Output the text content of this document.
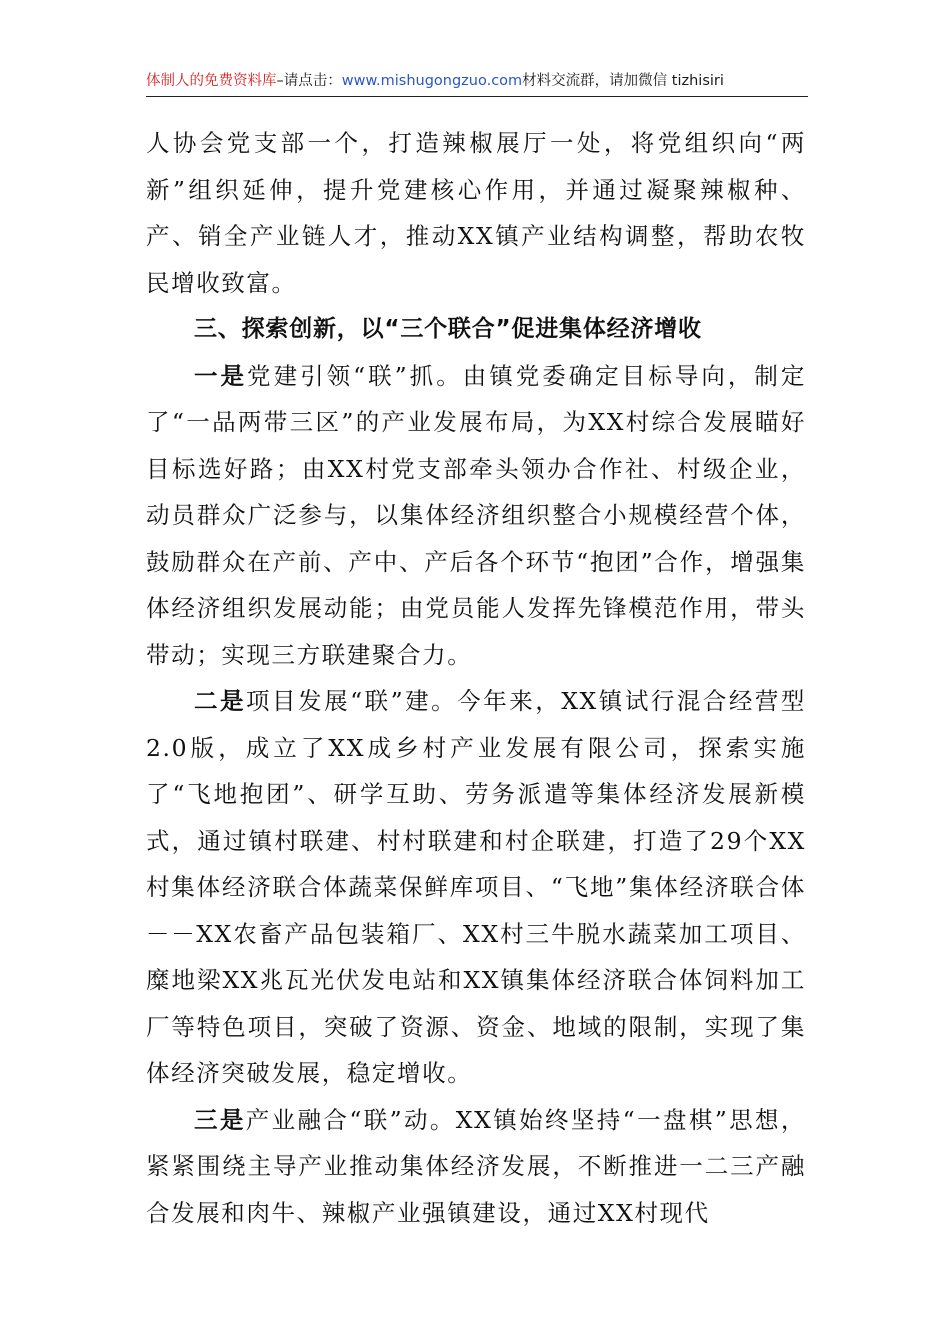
体制人的免费资料库–请点击：www.mishugongzuo.com材料交流群，请加微信 tizhisiri

人协会党支部一个，打造辣椒展厅一处，将党组织向“两新”组织延伸，提升党建核心作用，并通过凝聚辣椒种、产、销全产业链人才，推动XX镇产业结构调整，帮助农牧民增收致富。

三、探索创新，以“三个联合”促进集体经济增收

一是党建引领“联”抓。由镇党委确定目标导向，制定了“一品两带三区”的产业发展布局，为XX村综合发展瞄好目标选好路；由XX村党支部牵头领办合作社、村级企业，动员群众广泛参与，以集体经济组织整合小规模经营个体，鼓励群众在产前、产中、产后各个环节“抱团”合作，增强集体经济组织发展动能；由党员能人发挥先锋模范作用，带头带动；实现三方联建聚合力。

二是项目发展“联”建。今年来，XX镇试行混合经营型2.0版，成立了XX成乡村产业发展有限公司，探索实施了“飞地抱团”、研学互助、劳务派遣等集体经济发展新模式，通过镇村联建、村村联建和村企联建，打造了29个XX村集体经济联合体蔬菜保鲜库项目、“飞地”集体经济联合体－－XX农畜产品包装箱厂、XX村三牛脱水蔬菜加工项目、糜地梁XX兆瓦光伏发电站和XX镇集体经济联合体饲料加工厂等特色项目，突破了资源、资金、地域的限制，实现了集体经济突破发展，稳定增收。

三是产业融合“联”动。XX镇始终坚持“一盘棋”思想，紧紧围绕主导产业推动集体经济发展，不断推进一二三产融合发展和肉牛、辣椒产业强镇建设，通过XX村现代
